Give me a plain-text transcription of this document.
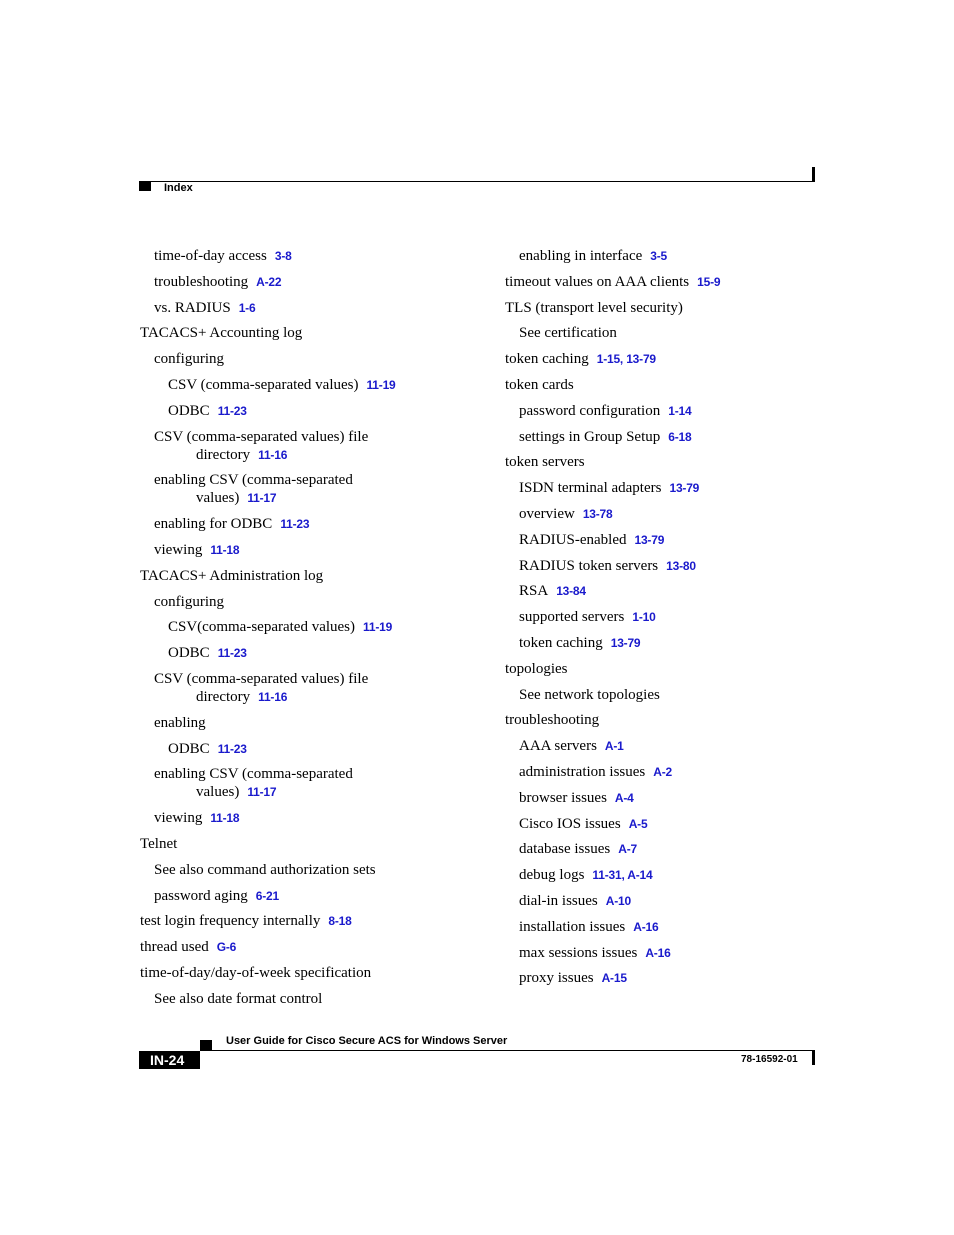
Index
time-of-day access 3-8
troubleshooting A-22
vs. RADIUS 1-6
TACACS+ Accounting log
configuring
CSV (comma-separated values) 11-19
ODBC 11-23
CSV (comma-separated values) file
directory 11-16
enabling CSV (comma-separated
values) 11-17
enabling for ODBC 11-23
viewing 11-18
TACACS+ Administration log
configuring
CSV(comma-separated values) 11-19
ODBC 11-23
CSV (comma-separated values) file
directory 11-16
enabling
ODBC 11-23
enabling CSV (comma-separated
values) 11-17
viewing 11-18
Telnet
See also command authorization sets
password aging 6-21
test login frequency internally 8-18
thread used G-6
time-of-day/day-of-week specification
See also date format control
enabling in interface 3-5
timeout values on AAA clients 15-9
TLS (transport level security)
See certification
token caching 1-15, 13-79
token cards
password configuration 1-14
settings in Group Setup 6-18
token servers
ISDN terminal adapters 13-79
overview 13-78
RADIUS-enabled 13-79
RADIUS token servers 13-80
RSA 13-84
supported servers 1-10
token caching 13-79
topologies
See network topologies
troubleshooting
AAA servers A-1
administration issues A-2
browser issues A-4
Cisco IOS issues A-5
database issues A-7
debug logs 11-31, A-14
dial-in issues A-10
installation issues A-16
max sessions issues A-16
proxy issues A-15
User Guide for Cisco Secure ACS for Windows Server
IN-24	78-16592-01
